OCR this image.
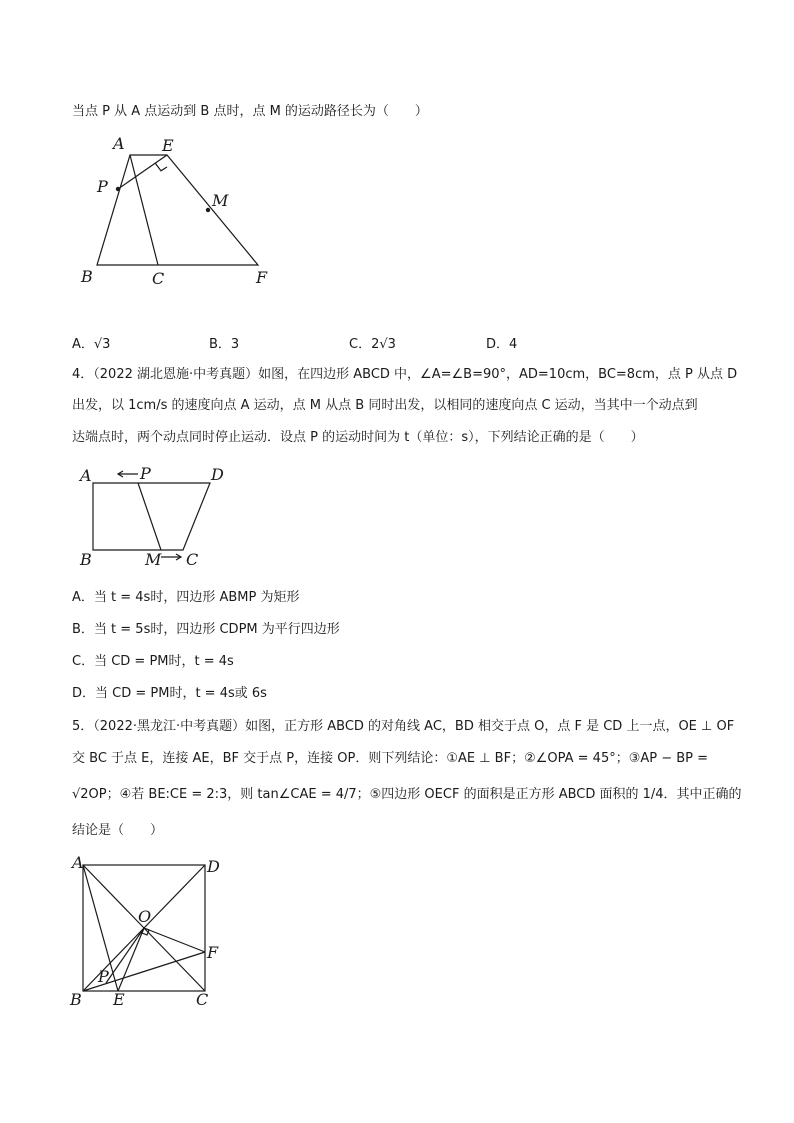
当点 P 从 A 点运动到 B 点时，点 M 的运动路径长为（　　）
A E
P
M
B	C	F
A．√3	B．3	C．2√3	D．4
4．（2022 湖北恩施·中考真题）如图，在四边形 ABCD 中，∠A=∠B=90°，AD=10cm，BC=8cm，点 P 从点 D
出发，以 1cm/s 的速度向点 A 运动，点 M 从点 B 同时出发，以相同的速度向点 C 运动，当其中一个动点到
达端点时，两个动点同时停止运动．设点 P 的运动时间为 t（单位：s），下列结论正确的是（　　）
A	P	D
B	M C
A．当 t = 4s时，四边形 ABMP 为矩形
B．当 t = 5s时，四边形 CDPM 为平行四边形
C．当 CD = PM时，t = 4s
D．当 CD = PM时，t = 4s或 6s
5．（2022·黑龙江·中考真题）如图，正方形 ABCD 的对角线 AC，BD 相交于点 O，点 F 是 CD 上一点，OE ⊥ OF
交 BC 于点 E，连接 AE，BF 交于点 P，连接 OP．则下列结论：①AE ⊥ BF；②∠OPA = 45°；③AP − BP =
√2OP；④若 BE:CE = 2:3，则 tan∠CAE = 4/7；⑤四边形 OECF 的面积是正方形 ABCD 面积的 1/4．其中正确的
结论是（　　）
A	D
O
F
P
B E	C
